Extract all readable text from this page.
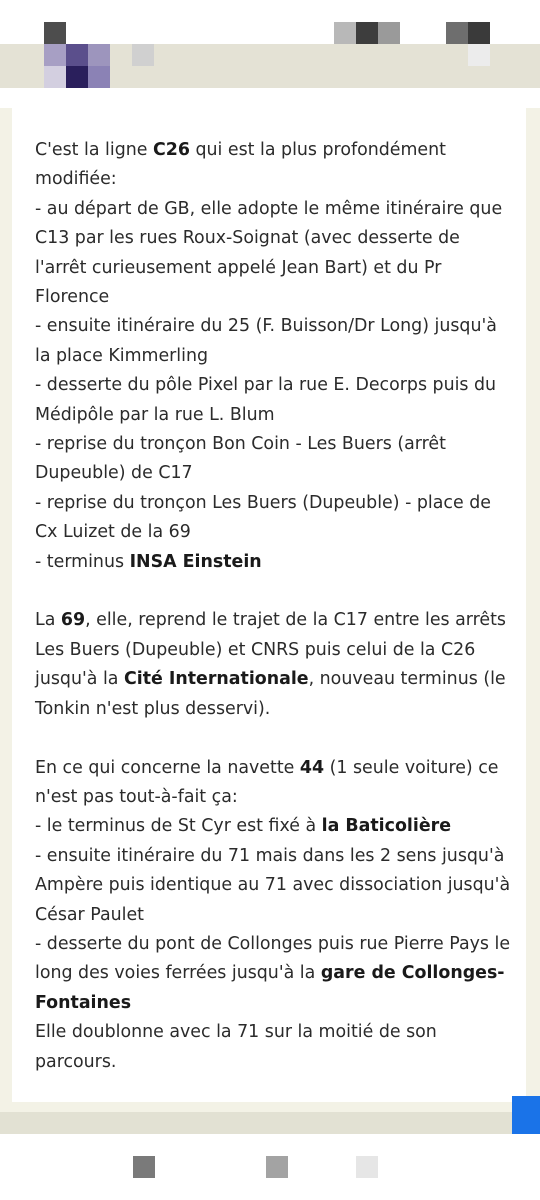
C'est la ligne C26 qui est la plus profondément modifiée:
- au départ de GB, elle adopte le même itinéraire que C13 par les rues Roux-Soignat (avec desserte de l'arrêt curieusement appelé Jean Bart) et du Pr Florence
- ensuite itinéraire du 25 (F. Buisson/Dr Long) jusqu'à la place Kimmerling
- desserte du pôle Pixel par la rue E. Decorps puis du Médipôle par la rue L. Blum
- reprise du tronçon Bon Coin - Les Buers (arrêt Dupeuble) de C17
- reprise du tronçon Les Buers (Dupeuble) - place de Cx Luizet de la 69
- terminus INSA Einstein

La 69, elle, reprend le trajet de la C17 entre les arrêts Les Buers (Dupeuble) et CNRS puis celui de la C26 jusqu'à la Cité Internationale, nouveau terminus (le Tonkin n'est plus desservi).

En ce qui concerne la navette 44 (1 seule voiture) ce n'est pas tout-à-fait ça:
- le terminus de St Cyr est fixé à la Baticolière
- ensuite itinéraire du 71 mais dans les 2 sens jusqu'à Ampère puis identique au 71 avec dissociation jusqu'à César Paulet
- desserte du pont de Collonges puis rue Pierre Pays le long des voies ferrées jusqu'à la gare de Collonges-Fontaines
Elle doublonne avec la 71 sur la moitié de son parcours.
